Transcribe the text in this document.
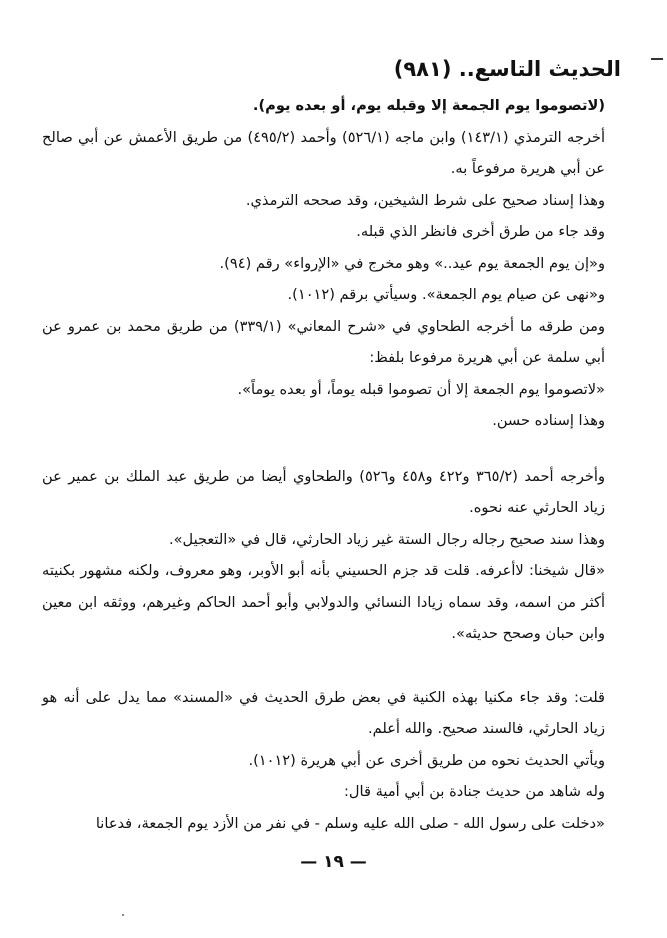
الحديث التاسع.. (٩٨١)

(لاتصوموا يوم الجمعة إلا وقبله يوم، أو بعده يوم).

أخرجه الترمذي (١٤٣/١) وابن ماجه (٥٢٦/١) وأحمد (٤٩٥/٢) من طريق الأعمش عن أبي صالح عن أبي هريرة مرفوعاً به.

وهذا إسناد صحيح على شرط الشيخين، وقد صححه الترمذي.

وقد جاء من طرق أخرى فانظر الذي قبله.

و«إن يوم الجمعة يوم عيد..» وهو مخرج في «الإرواء» رقم (٩٤).

و«نهى عن صيام يوم الجمعة». وسيأتي برقم (١٠١٢).

ومن طرقه ما أخرجه الطحاوي في «شرح المعاني» (٣٣٩/١) من طريق محمد بن عمرو عن أبي سلمة عن أبي هريرة مرفوعا بلفظ:

«لاتصوموا يوم الجمعة إلا أن تصوموا قبله يوماً، أو بعده يوماً».

وهذا إسناده حسن.

وأخرجه أحمد (٣٦٥/٢ و٤٢٢ و٤٥٨ و٥٢٦) والطحاوي أيضا من طريق عبد الملك بن عمير عن زياد الحارثي عنه نحوه.

وهذا سند صحيح رجاله رجال الستة غير زياد الحارثي، قال في «التعجيل».

«قال شيخنا: لاأعرفه. قلت قد جزم الحسيني بأنه أبو الأوبر، وهو معروف، ولكنه مشهور بكنيته أكثر من اسمه، وقد سماه زيادا النسائي والدولابي وأبو أحمد الحاكم وغيرهم، ووثقه ابن معين وابن حبان وصحح حديثه».

قلت: وقد جاء مكنيا بهذه الكنية في بعض طرق الحديث في «المسند» مما يدل على أنه هو زياد الحارثي، فالسند صحيح. والله أعلم.

ويأتي الحديث نحوه من طريق أخرى عن أبي هريرة (١٠١٢).

وله شاهد من حديث جنادة بن أبي أمية قال:

«دخلت على رسول الله - صلى الله عليه وسلم - في نفر من الأزد يوم الجمعة، فدعانا

— ١٩ —
